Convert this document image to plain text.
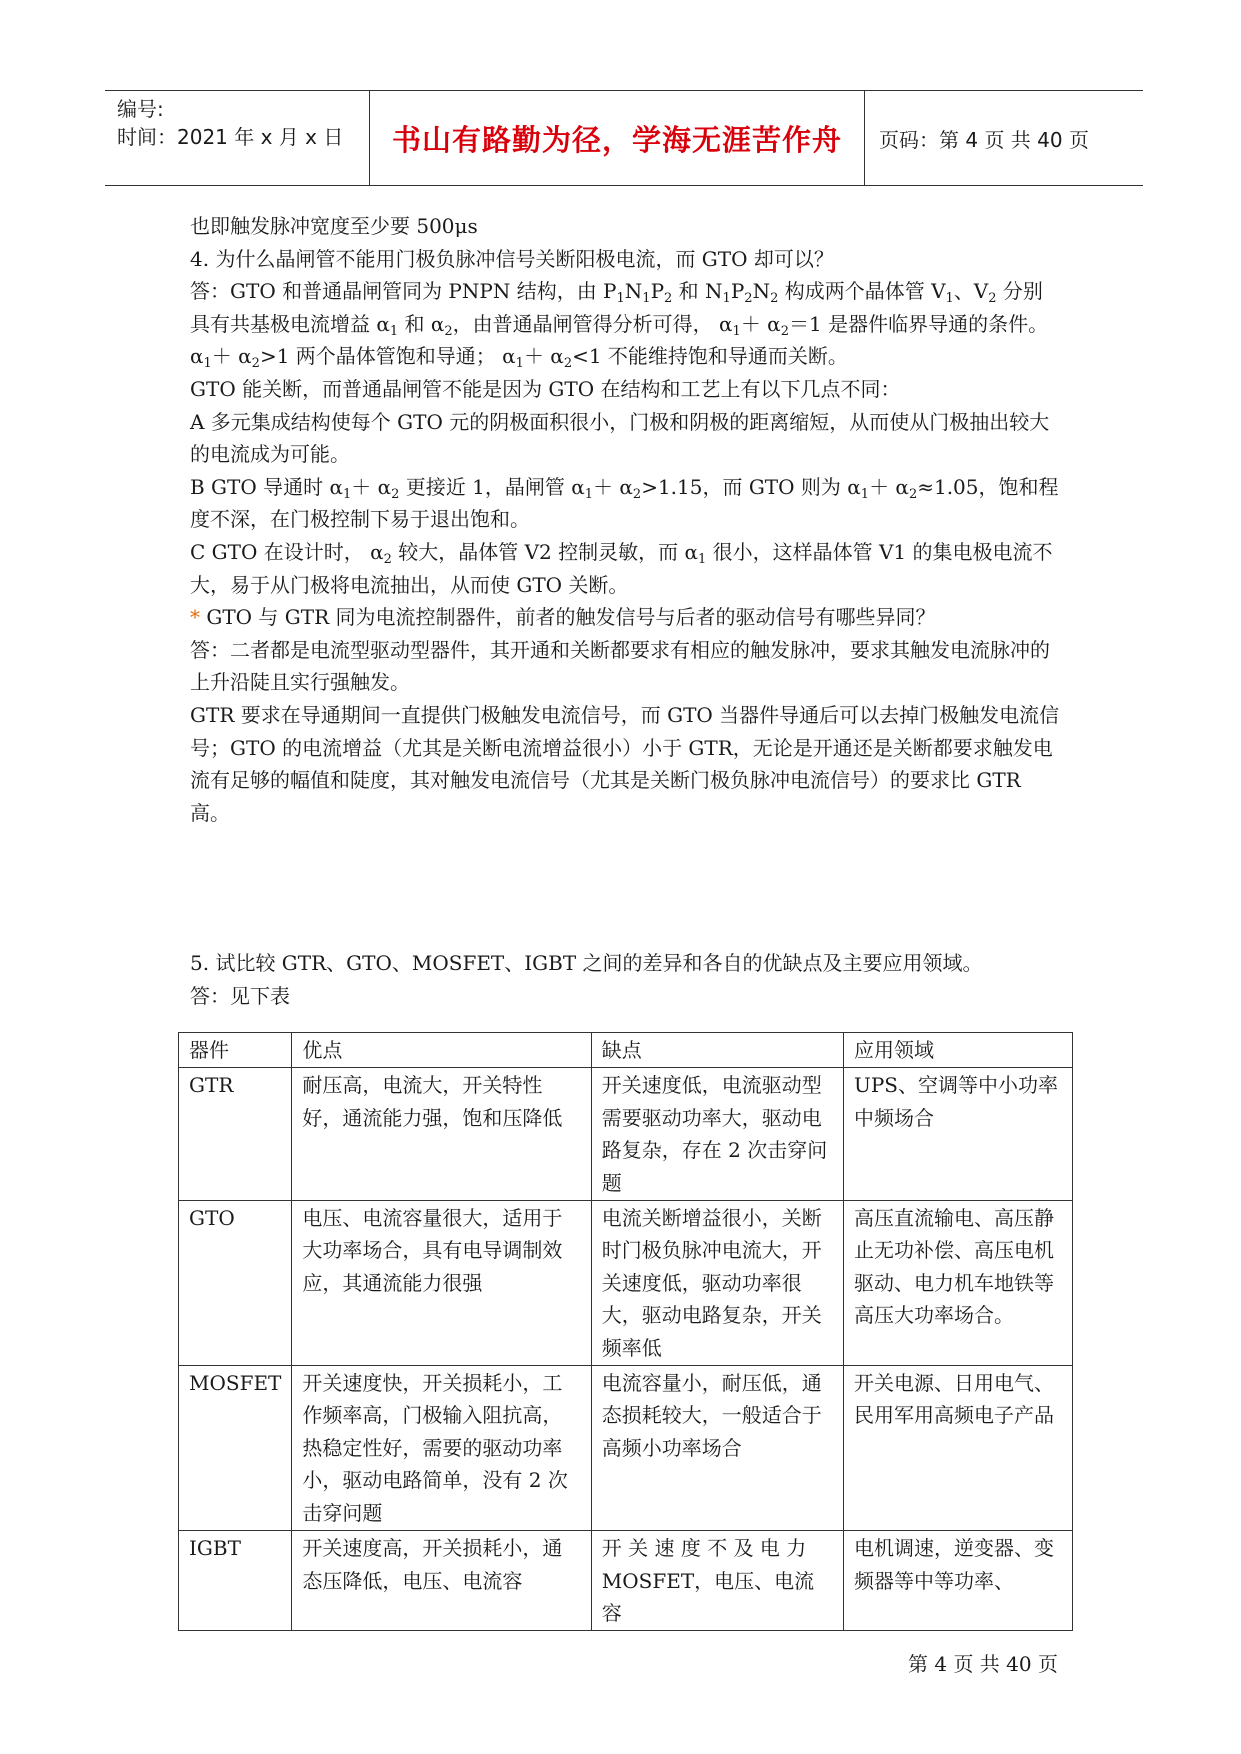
编号:
时间：2021 年 x 月 x 日	书山有路勤为径，学海无涯苦作舟	页码：第 4 页 共 40 页

也即触发脉冲宽度至少要 500μs

4. 为什么晶闸管不能用门极负脉冲信号关断阳极电流，而 GTO 却可以？

答：GTO 和普通晶闸管同为 PNPN 结构，由 $P_1N_1P_2$ 和 $N_1P_2N_2$ 构成两个晶体管 $V_1$、$V_2$ 分别具有共基极电流增益 $\alpha_1$ 和 $\alpha_2$，由普通晶闸管得分析可得， $\alpha_1+ \alpha_2=1$ 是器件临界导通的条件。 $\alpha_1+ \alpha_2>1$ 两个晶体管饱和导通； $\alpha_1+ \alpha_2<1$ 不能维持饱和导通而关断。

GTO 能关断，而普通晶闸管不能是因为 GTO 在结构和工艺上有以下几点不同：

A 多元集成结构使每个 GTO 元的阴极面积很小，门极和阴极的距离缩短，从而使从门极抽出较大的电流成为可能。

B GTO 导通时 $\alpha_1+ \alpha_2$ 更接近 1，晶闸管 $\alpha_1+ \alpha_2>1.15$，而 GTO 则为 $\alpha_1+ \alpha_2\approx 1.05$，饱和程度不深，在门极控制下易于退出饱和。

C GTO 在设计时， $\alpha_2$ 较大，晶体管 V2 控制灵敏，而 $\alpha_1$ 很小，这样晶体管 V1 的集电极电流不大，易于从门极将电流抽出，从而使 GTO 关断。

* GTO 与 GTR 同为电流控制器件，前者的触发信号与后者的驱动信号有哪些异同？

答：二者都是电流型驱动型器件，其开通和关断都要求有相应的触发脉冲，要求其触发电流脉冲的上升沿陡且实行强触发。

GTR 要求在导通期间一直提供门极触发电流信号，而 GTO 当器件导通后可以去掉门极触发电流信号；GTO 的电流增益（尤其是关断电流增益很小）小于 GTR，无论是开通还是关断都要求触发电流有足够的幅值和陡度，其对触发电流信号（尤其是关断门极负脉冲电流信号）的要求比 GTR 高。

5. 试比较 GTR、GTO、MOSFET、IGBT 之间的差异和各自的优缺点及主要应用领域。

答：见下表

器件	优点	缺点	应用领域
GTR	耐压高，电流大，开关特性好，通流能力强，饱和压降低	开关速度低，电流驱动型需要驱动功率大，驱动电路复杂，存在 2 次击穿问题	UPS、空调等中小功率中频场合
GTO	电压、电流容量很大，适用于大功率场合，具有电导调制效应，其通流能力很强	电流关断增益很小，关断时门极负脉冲电流大，开关速度低，驱动功率很大，驱动电路复杂，开关频率低	高压直流输电、高压静止无功补偿、高压电机驱动、电力机车地铁等高压大功率场合。
MOSFET	开关速度快，开关损耗小，工作频率高，门极输入阻抗高，热稳定性好，需要的驱动功率小，驱动电路简单，没有 2 次击穿问题	电流容量小，耐压低，通态损耗较大，一般适合于高频小功率场合	开关电源、日用电气、民用军用高频电子产品
IGBT	开关速度高，开关损耗小，通态压降低，电压、电流容	开 关 速 度 不 及 电 力 MOSFET，电压、电流容	电机调速，逆变器、变频器等中等功率、
第 4 页 共 40 页
